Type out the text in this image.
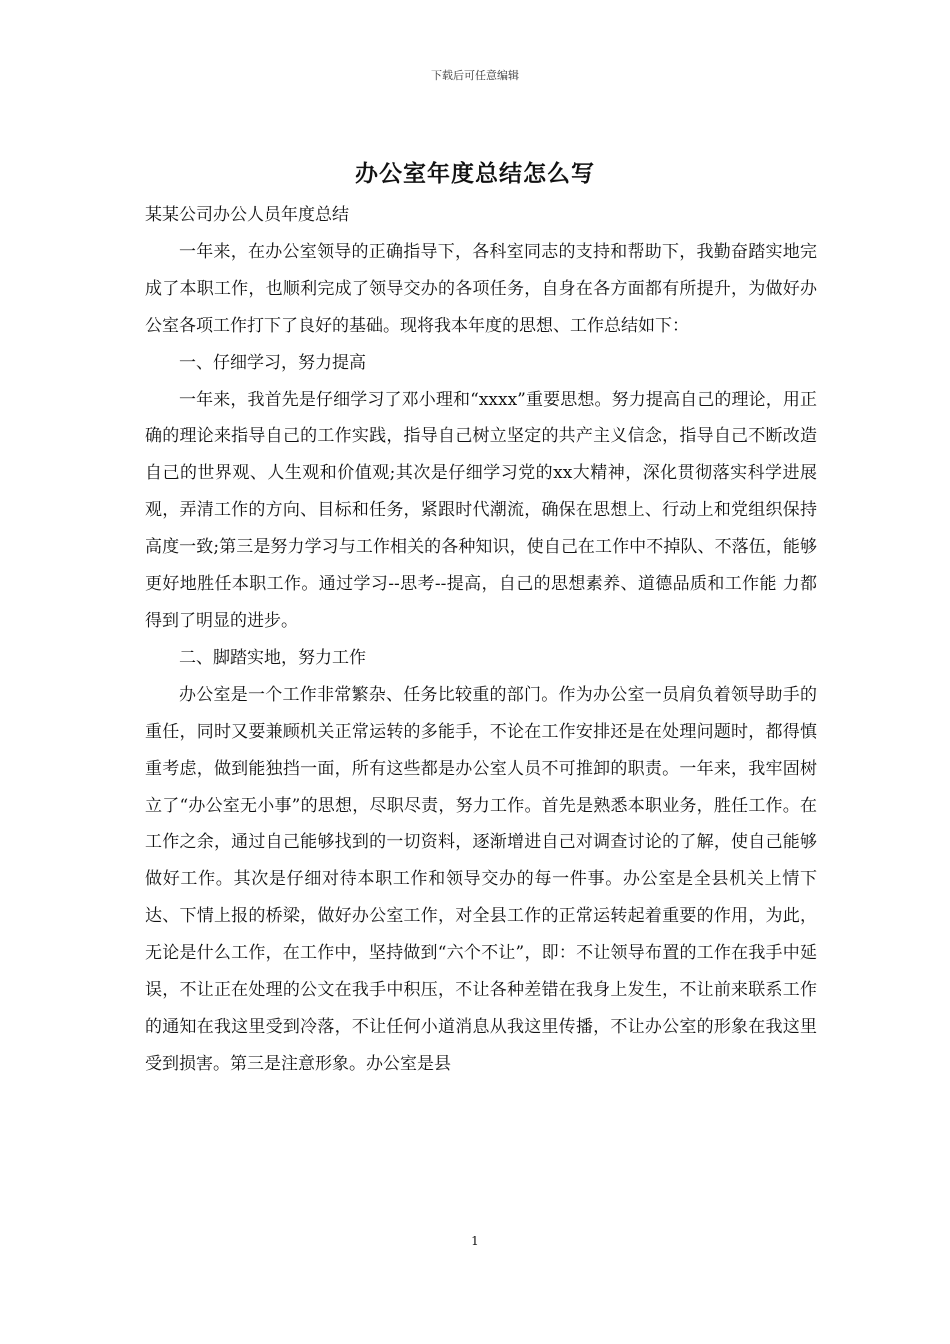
下载后可任意编辑
办公室年度总结怎么写

某某公司办公人员年度总结

一年来，在办公室领导的正确指导下，各科室同志的支持和帮助下，我勤奋踏实地完成了本职工作，也顺利完成了领导交办的各项任务，自身在各方面都有所提升，为做好办公室各项工作打下了良好的基础。现将我本年度的思想、工作总结如下：

一、仔细学习，努力提高

一年来，我首先是仔细学习了邓小理和“xxxx”重要思想。努力提高自己的理论，用正确的理论来指导自己的工作实践，指导自己树立坚定的共产主义信念，指导自己不断改造自己的世界观、人生观和价值观;其次是仔细学习党的xx大精神，深化贯彻落实科学进展观，弄清工作的方向、目标和任务，紧跟时代潮流，确保在思想上、行动上和党组织保持高度一致;第三是努力学习与工作相关的各种知识，使自己在工作中不掉队、不落伍，能够更好地胜任本职工作。通过学习--思考--提高，自己的思想素养、道德品质和工作能 力都得到了明显的进步。

二、脚踏实地，努力工作

办公室是一个工作非常繁杂、任务比较重的部门。作为办公室一员肩负着领导助手的重任，同时又要兼顾机关正常运转的多能手，不论在工作安排还是在处理问题时，都得慎重考虑，做到能独挡一面，所有这些都是办公室人员不可推卸的职责。一年来，我牢固树立了“办公室无小事”的思想，尽职尽责，努力工作。首先是熟悉本职业务，胜任工作。在工作之余，通过自己能够找到的一切资料，逐渐增进自己对调查讨论的了解，使自己能够做好工作。其次是仔细对待本职工作和领导交办的每一件事。办公室是全县机关上情下达、下情上报的桥梁，做好办公室工作，对全县工作的正常运转起着重要的作用，为此，无论是什么工作，在工作中，坚持做到“六个不让”，即：不让领导布置的工作在我手中延误，不让正在处理的公文在我手中积压，不让各种差错在我身上发生，不让前来联系工作的通知在我这里受到冷落，不让任何小道消息从我这里传播，不让办公室的形象在我这里受到损害。第三是注意形象。办公室是县

1
